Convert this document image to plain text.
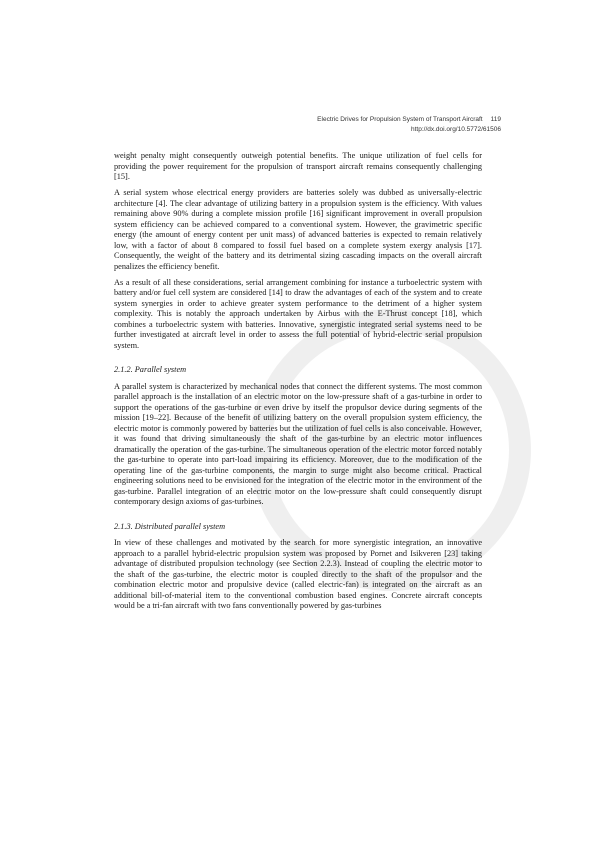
Electric Drives for Propulsion System of Transport Aircraft 119
http://dx.doi.org/10.5772/61506

weight penalty might consequently outweigh potential benefits. The unique utilization of fuel cells for providing the power requirement for the propulsion of transport aircraft remains consequently challenging [15].

A serial system whose electrical energy providers are batteries solely was dubbed as universally-electric architecture [4]. The clear advantage of utilizing battery in a propulsion system is the efficiency. With values remaining above 90% during a complete mission profile [16] significant improvement in overall propulsion system efficiency can be achieved compared to a conventional system. However, the gravimetric specific energy (the amount of energy content per unit mass) of advanced batteries is expected to remain relatively low, with a factor of about 8 compared to fossil fuel based on a complete system exergy analysis [17]. Consequently, the weight of the battery and its detrimental sizing cascading impacts on the overall aircraft penalizes the efficiency benefit.

As a result of all these considerations, serial arrangement combining for instance a turboelectric system with battery and/or fuel cell system are considered [14] to draw the advantages of each of the system and to create system synergies in order to achieve greater system performance to the detriment of a higher system complexity. This is notably the approach undertaken by Airbus with the E-Thrust concept [18], which combines a turboelectric system with batteries. Innovative, synergistic integrated serial systems need to be further investigated at aircraft level in order to assess the full potential of hybrid-electric serial propulsion system.

2.1.2. Parallel system

A parallel system is characterized by mechanical nodes that connect the different systems. The most common parallel approach is the installation of an electric motor on the low-pressure shaft of a gas-turbine in order to support the operations of the gas-turbine or even drive by itself the propulsor device during segments of the mission [19–22]. Because of the benefit of utilizing battery on the overall propulsion system efficiency, the electric motor is commonly powered by batteries but the utilization of fuel cells is also conceivable. However, it was found that driving simultaneously the shaft of the gas-turbine by an electric motor influences dramatically the operation of the gas-turbine. The simultaneous operation of the electric motor forced notably the gas-turbine to operate into part-load impairing its efficiency. Moreover, due to the modification of the operating line of the gas-turbine components, the margin to surge might also become critical. Practical engineering solutions need to be envisioned for the integration of the electric motor in the environment of the gas-turbine. Parallel integration of an electric motor on the low-pressure shaft could consequently disrupt contemporary design axioms of gas-turbines.

2.1.3. Distributed parallel system

In view of these challenges and motivated by the search for more synergistic integration, an innovative approach to a parallel hybrid-electric propulsion system was proposed by Pornet and Isikveren [23] taking advantage of distributed propulsion technology (see Section 2.2.3). Instead of coupling the electric motor to the shaft of the gas-turbine, the electric motor is coupled directly to the shaft of the propulsor and the combination electric motor and propulsive device (called electric-fan) is integrated on the aircraft as an additional bill-of-material item to the conventional combustion based engines. Concrete aircraft concepts would be a tri-fan aircraft with two fans conventionally powered by gas-turbines
